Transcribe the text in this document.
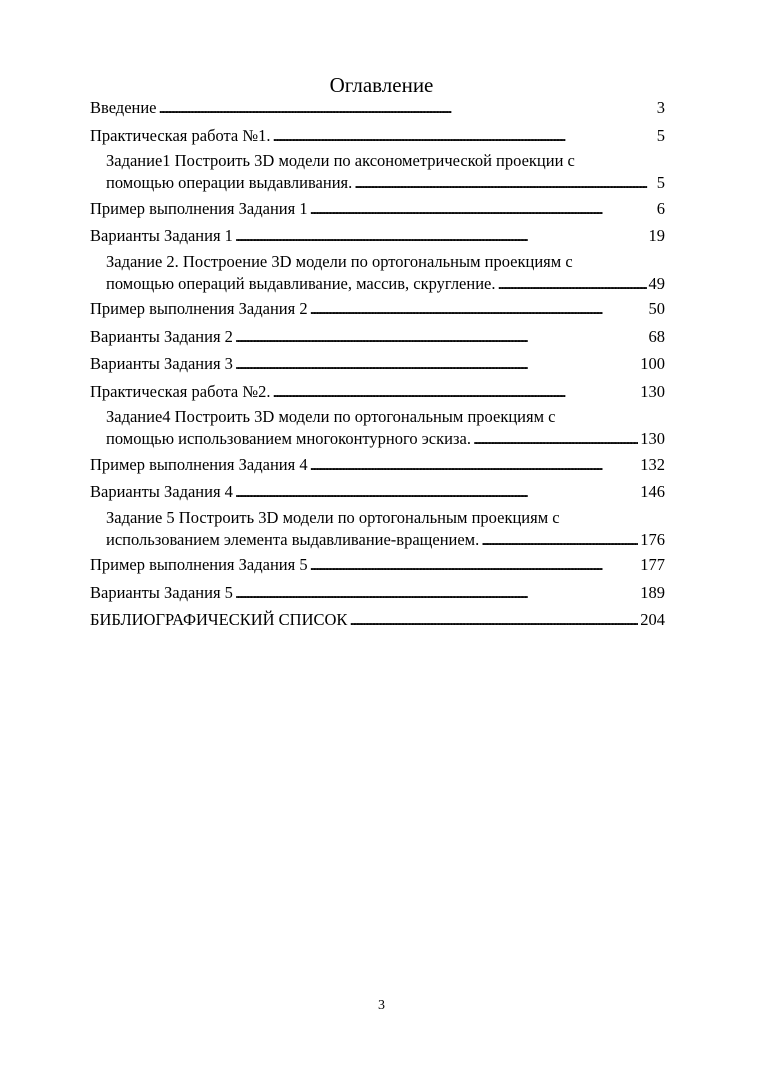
Оглавление
Введение . . .	3
Практическая работа №1. . . .	5
Задание1 Построить 3D модели по аксонометрической проекции с
помощью операции выдавливания. . . .	5
Пример выполнения Задания 1 . . .	6
Варианты Задания 1 . . .	19
Задание 2. Построение 3D модели по ортогональным проекциям с
помощью операций выдавливание, массив, скругление. . . .	49
Пример выполнения Задания 2 . . .	50
Варианты Задания 2 . . .	68
Варианты Задания 3 . . .	100
Практическая работа №2. . . .	130
Задание4 Построить 3D модели по ортогональным проекциям с
помощью использованием многоконтурного эскиза. . . .	130
Пример выполнения Задания 4 . . .	132
Варианты Задания 4 . . .	146
Задание 5 Построить 3D модели по ортогональным проекциям с
использованием элемента выдавливание-вращением. . . .	176
Пример выполнения Задания 5 . . .	177
Варианты Задания 5 . . .	189
БИБЛИОГРАФИЧЕСКИЙ СПИСОК . . .	204
3
